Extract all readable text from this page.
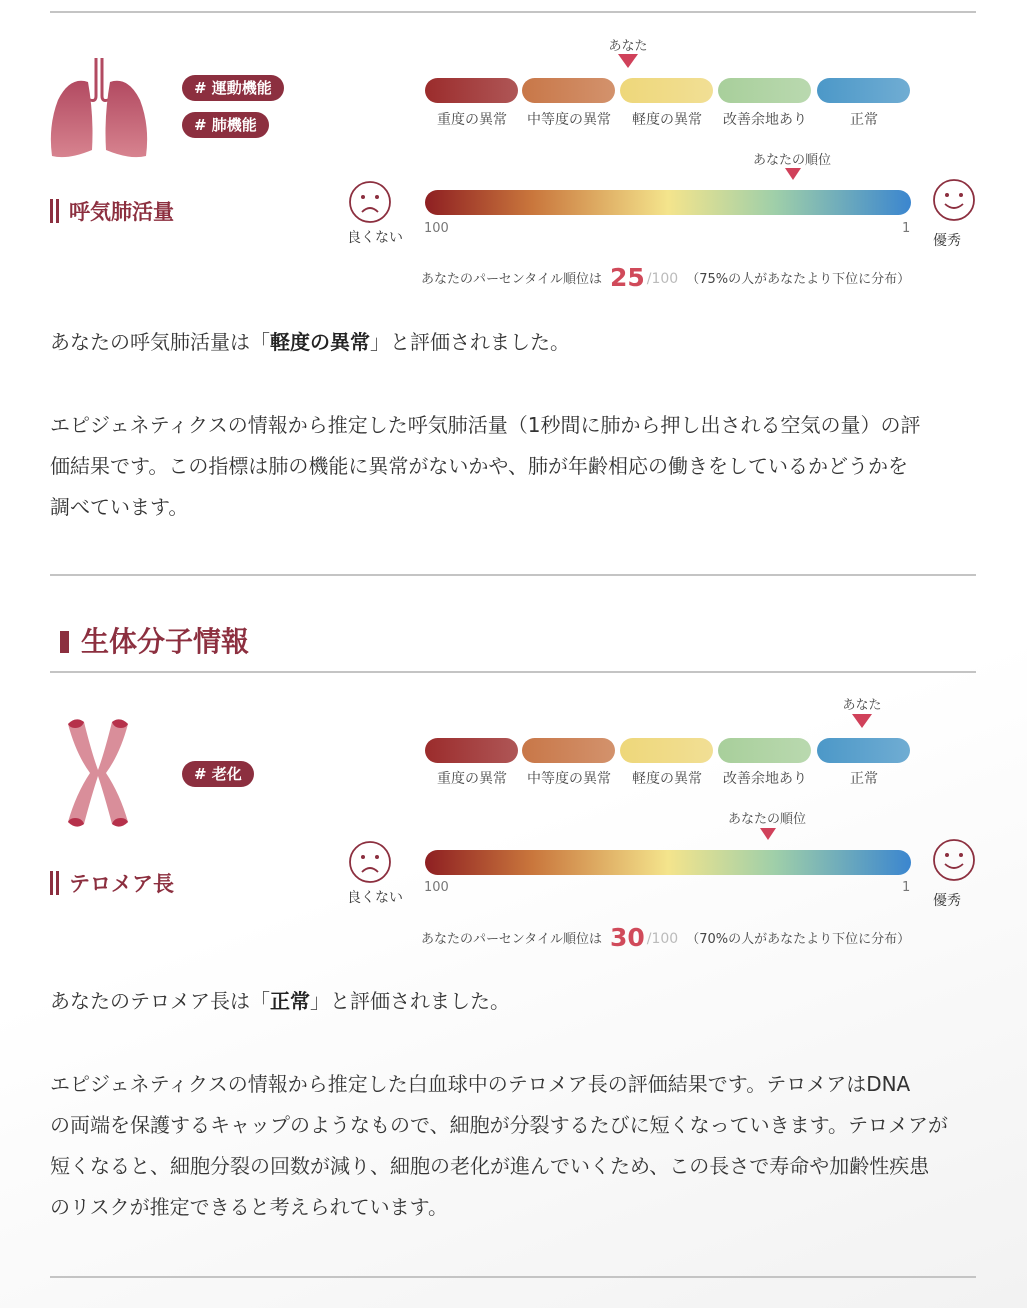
# 運動機能
# 肺機能
呼気肺活量
あなた
重度の異常	中等度の異常	軽度の異常	改善余地あり	正常
あなたの順位
良くない
100	1
優秀
あなたのパーセンタイル順位は 25 /100 （75%の人があなたより下位に分布）
あなたの呼気肺活量は「軽度の異常」と評価されました。
エピジェネティクスの情報から推定した呼気肺活量（1秒間に肺から押し出される空気の量）の評
価結果です。この指標は肺の機能に異常がないかや、肺が年齢相応の働きをしているかどうかを
調べています。
生体分子情報
# 老化
テロメア長
あなた
重度の異常	中等度の異常	軽度の異常	改善余地あり	正常
あなたの順位
良くない
100	1
優秀
あなたのパーセンタイル順位は 30 /100 （70%の人があなたより下位に分布）
あなたのテロメア長は「正常」と評価されました。
エピジェネティクスの情報から推定した白血球中のテロメア長の評価結果です。テロメアはDNA
の両端を保護するキャップのようなもので、細胞が分裂するたびに短くなっていきます。テロメアが
短くなると、細胞分裂の回数が減り、細胞の老化が進んでいくため、この長さで寿命や加齢性疾患
のリスクが推定できると考えられています。
